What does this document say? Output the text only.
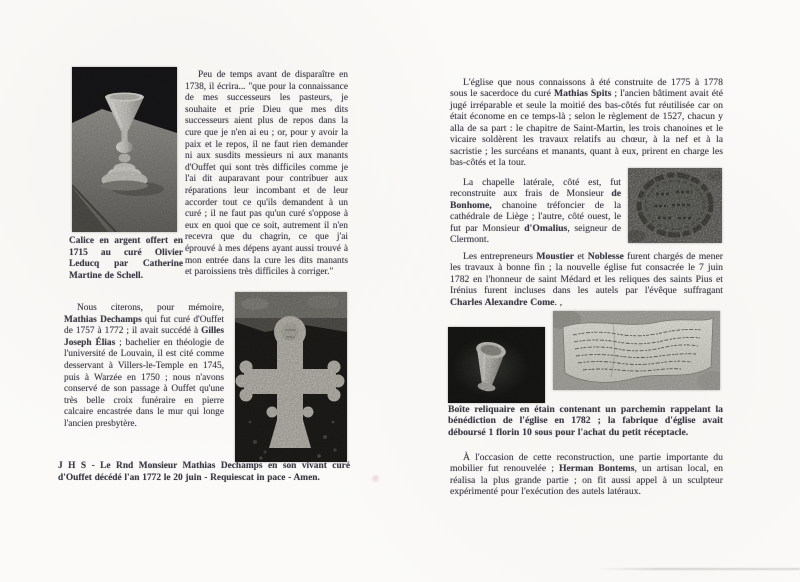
Peu de temps avant de disparaître en 1738, il écrira... "que pour la connaissance de mes successeurs les pasteurs, je souhaite et prie Dieu que mes dits successeurs aient plus de repos dans la cure que je n'en ai eu ; or, pour y avoir la paix et le repos, il ne faut rien demander ni aux susdits messieurs ni aux manants d'Ouffet qui sont très difficiles comme je l'ai dit auparavant pour contribuer aux réparations leur incombant et de leur accorder tout ce qu'ils demandent à un curé ; il ne faut pas qu'un curé s'oppose à eux en quoi que ce soit, autrement il n'en recevra que du chagrin, ce que j'ai éprouvé à mes dépens ayant aussi trouvé à mon entrée dans la cure les dits manants et paroissiens très difficiles à corriger."
Calice en argent offert en 1715 au curé Olivier Leducq par Catherine Martine de Schell.
Nous citerons, pour mémoire, Mathias Dechamps qui fut curé d'Ouffet de 1757 à 1772 ; il avait succédé à Gilles Joseph Élias ; bachelier en théologie de l'université de Louvain, il est cité comme desservant à Villers-le-Temple en 1745, puis à Warzée en 1750 ; nous n'avons conservé de son passage à Ouffet qu'une très belle croix funéraire en pierre calcaire encastrée dans le mur qui longe l'ancien presbytère.
J H S - Le Rnd Monsieur Mathias Dechamps en son vivant curé d'Ouffet décédé l'an 1772 le 20 juin - Requiescat in pace - Amen.
L'église que nous connaissons à été construite de 1775 à 1778 sous le sacerdoce du curé Mathias Spits ; l'ancien bâtiment avait été jugé irréparable et seule la moitié des bas-côtés fut réutilisée car on était économe en ce temps-là ; selon le règlement de 1527, chacun y alla de sa part : le chapitre de Saint-Martin, les trois chanoines et le vicaire soldèrent les travaux relatifs au chœur, à la nef et à la sacristie ; les surcéans et manants, quant à eux, prirent en charge les bas-côtés et la tour.
La chapelle latérale, côté est, fut reconstruite aux frais de Monsieur de Bonhome, chanoine tréfoncier de la cathédrale de Liège ; l'autre, côté ouest, le fut par Monsieur d'Omalius, seigneur de Clermont.
Les entrepreneurs Moustier et Noblesse furent chargés de mener les travaux à bonne fin ; la nouvelle église fut consacrée le 7 juin 1782 en l'honneur de saint Médard et les reliques des saints Pius et Irénius furent incluses dans les autels par l'évêque suffragant Charles Alexandre Come. ,
Boîte reliquaire en étain contenant un parchemin rappelant la bénédiction de l'église en 1782 ; la fabrique d'église avait déboursé 1 florin 10 sous pour l'achat du petit réceptacle.
À l'occasion de cette reconstruction, une partie importante du mobilier fut renouvelée ; Herman Bontems, un artisan local, en réalisa la plus grande partie ; on fit aussi appel à un sculpteur expérimenté pour l'exécution des autels latéraux.
